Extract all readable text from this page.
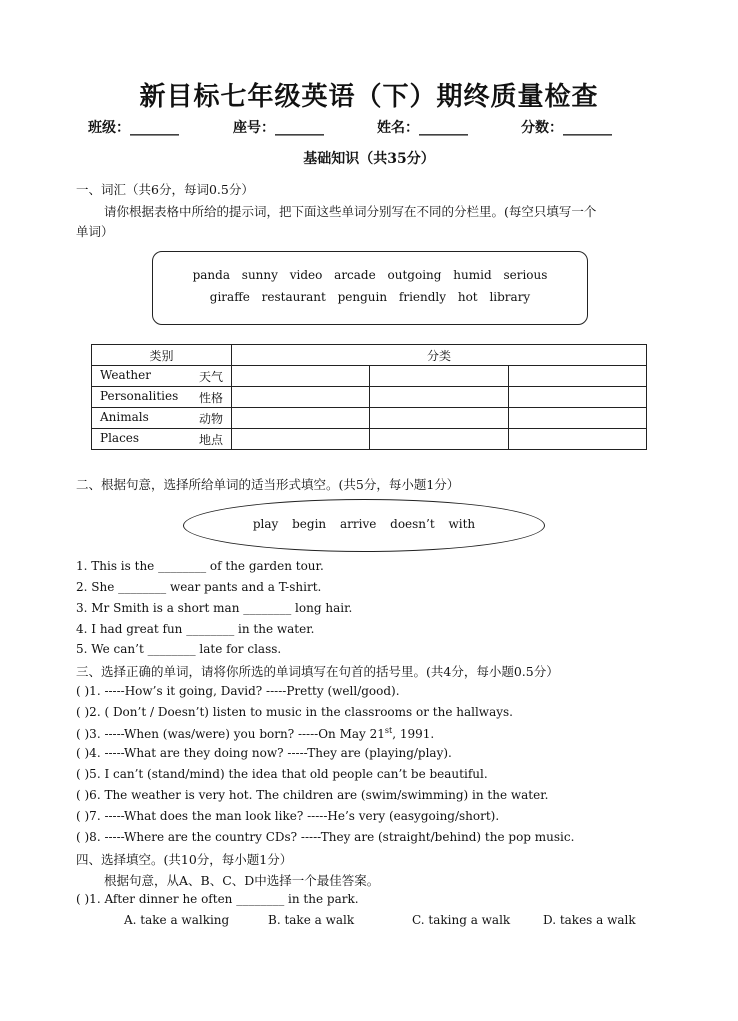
新目标七年级英语（下）期终质量检查
班级：_______	座号：_______	姓名：_______	分数：_______
基础知识（共35分）
一、词汇（共6分，每词0.5分）
请你根据表格中所给的提示词，把下面这些单词分别写在不同的分栏里。(每空只填写一个
单词）
panda sunny video arcade outgoing humid serious
giraffe restaurant penguin friendly hot library
类别	分类		

Weather 天气			

Personalities 性格			

Animals 动物			

Places 地点			

二、根据句意，选择所给单词的适当形式填空。(共5分，每小题1分）
play begin arrive doesn’t with
1. This is the ________ of the garden tour.
2. She ________ wear pants and a T-shirt.
3. Mr Smith is a short man ________ long hair.
4. I had great fun ________ in the water.
5. We can’t ________ late for class.
三、选择正确的单词，请将你所选的单词填写在句首的括号里。(共4分，每小题0.5分）
( )1. -----How’s it going, David? -----Pretty (well/good).
( )2. ( Don’t / Doesn’t) listen to music in the classrooms or the hallways.
( )3. -----When (was/were) you born? -----On May 21st, 1991.
( )4. -----What are they doing now? -----They are (playing/play).
( )5. I can’t (stand/mind) the idea that old people can’t be beautiful.
( )6. The weather is very hot. The children are (swim/swimming) in the water.
( )7. -----What does the man look like? -----He’s very (easygoing/short).
( )8. -----Where are the country CDs? -----They are (straight/behind) the pop music.
四、选择填空。(共10分，每小题1分）
根据句意，从A、B、C、D中选择一个最佳答案。
( )1. After dinner he often ________ in the park.
A. take a walking	B. take a walk	C. taking a walk	D. takes a walk
